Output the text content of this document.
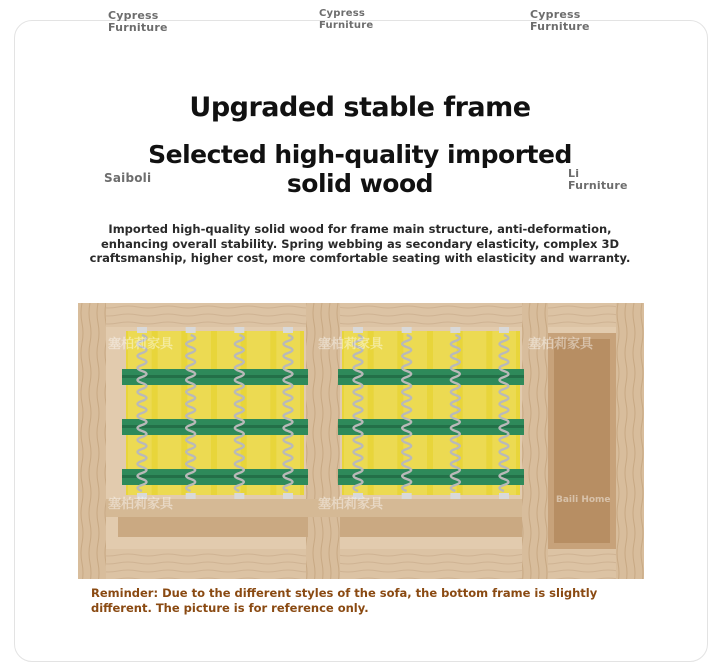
Cypress
Furniture
Cypress
Furniture
Cypress
Furniture
Saiboli	Li
Furniture
Upgraded stable frame
Selected high-quality imported
solid wood

Imported high-quality solid wood for frame main structure, anti-deformation, enhancing overall stability. Spring webbing as secondary elasticity, complex 3D craftsmanship, higher cost, more comfortable seating with elasticity and warranty.

塞柏莉家具	塞柏莉家具	塞柏莉家具
塞柏莉家具	塞柏莉家具	Baili Home

Reminder: Due to the different styles of the sofa, the bottom frame is slightly different. The picture is for reference only.
